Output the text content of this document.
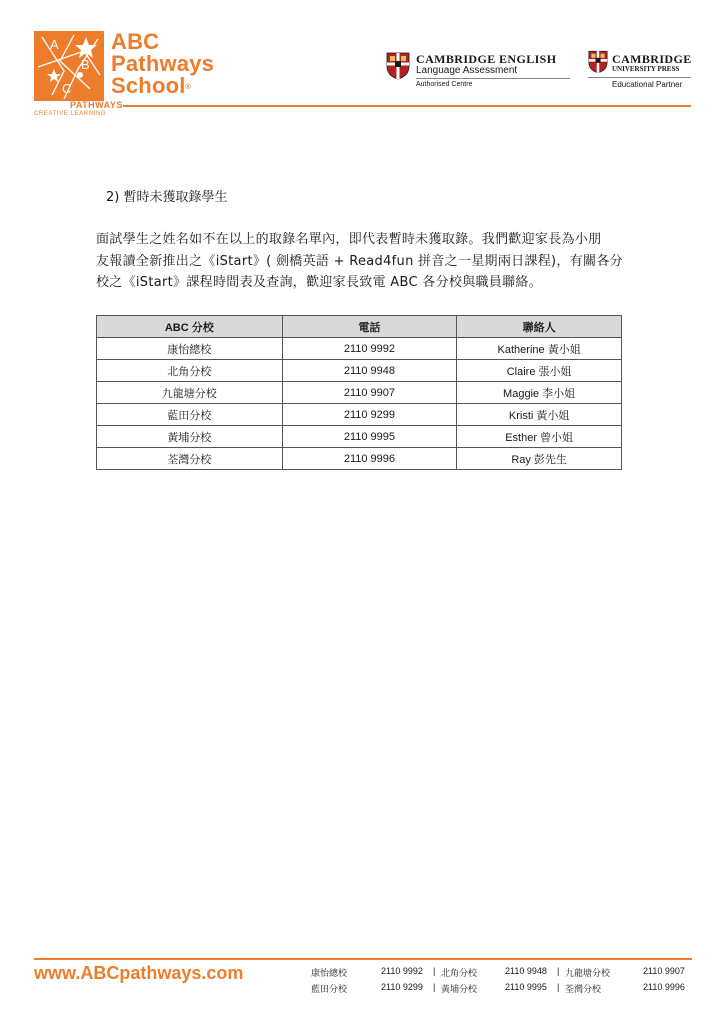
A
B
C
ABC
Pathways
School®
PATHWAYS
CREATIVE LEARNING
CAMBRIDGE ENGLISH
Language Assessment
Authorised Centre
CAMBRIDGE
UNIVERSITY PRESS
Educational Partner
2) 暫時未獲取錄學生

面試學生之姓名如不在以上的取錄名單內，即代表暫時未獲取錄。我們歡迎家長為小朋

友報讀全新推出之《iStart》( 劍橋英語 + Read4fun 拼音之一星期兩日課程)，有關各分

校之《iStart》課程時間表及查詢，歡迎家長致電 ABC 各分校與職員聯絡。

ABC 分校	電話	聯絡人
康怡總校	2110 9992	Katherine 黃小姐
北角分校	2110 9948	Claire 張小姐
九龍塘分校	2110 9907	Maggie 李小姐
藍田分校	2110 9299	Kristi 黃小姐
黃埔分校	2110 9995	Esther 曾小姐
荃灣分校	2110 9996	Ray 彭先生
www.ABCpathways.com	康怡總校	2110 9992 | 北角分校	2110 9948 | 九龍塘分校	2110 9907
藍田分校	2110 9299 | 黃埔分校	2110 9995 | 荃灣分校	2110 9996
